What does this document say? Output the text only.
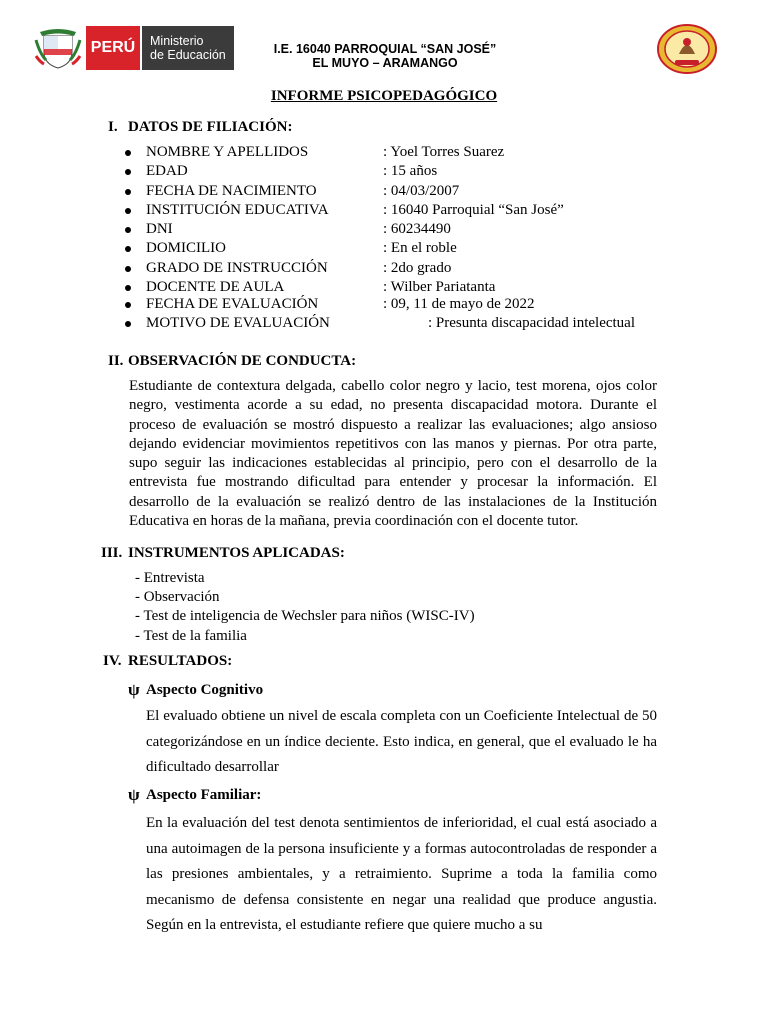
PERÚ Ministerio
de Educación	I.E. 16040 PARROQUIAL “SAN JOSÉ”
EL MUYO – ARAMANGO
INFORME PSICOPEDAGÓGICO
I. DATOS DE FILIACIÓN:
NOMBRE Y APELLIDOS	: Yoel Torres Suarez
EDAD	: 15 años
FECHA DE NACIMIENTO	: 04/03/2007
INSTITUCIÓN EDUCATIVA	: 16040 Parroquial “San José”
DNI	: 60234490
DOMICILIO	: En el roble
GRADO DE INSTRUCCIÓN	: 2do grado
DOCENTE DE AULA	: Wilber Pariatanta
FECHA DE EVALUACIÓN	: 09, 11 de mayo de 2022
MOTIVO DE EVALUACIÓN	: Presunta discapacidad intelectual
II. OBSERVACIÓN DE CONDUCTA:
Estudiante de contextura delgada, cabello color negro y lacio, test morena, ojos color negro, vestimenta acorde a su edad, no presenta discapacidad motora. Durante el proceso de evaluación se mostró dispuesto a realizar las evaluaciones; algo ansioso dejando evidenciar movimientos repetitivos con las manos y piernas. Por otra parte, supo seguir las indicaciones establecidas al principio, pero con el desarrollo de la entrevista fue mostrando dificultad para entender y procesar la información. El desarrollo de la evaluación se realizó dentro de las instalaciones de la Institución Educativa en horas de la mañana, previa coordinación con el docente tutor.
III. INSTRUMENTOS APLICADAS:
- Entrevista
- Observación
- Test de inteligencia de Wechsler para niños (WISC-IV)
- Test de la familia
IV. RESULTADOS:
ψ Aspecto Cognitivo
El evaluado obtiene un nivel de escala completa con un Coeficiente Intelectual de 50 categorizándose en un índice deciente. Esto indica, en general, que el evaluado le ha dificultado desarrollar
ψ Aspecto Familiar:
En la evaluación del test denota sentimientos de inferioridad, el cual está asociado a una autoimagen de la persona insuficiente y a formas autocontroladas de responder a las presiones ambientales, y a retraimiento. Suprime a toda la familia como mecanismo de defensa consistente en negar una realidad que produce angustia. Según en la entrevista, el estudiante refiere que quiere mucho a su
